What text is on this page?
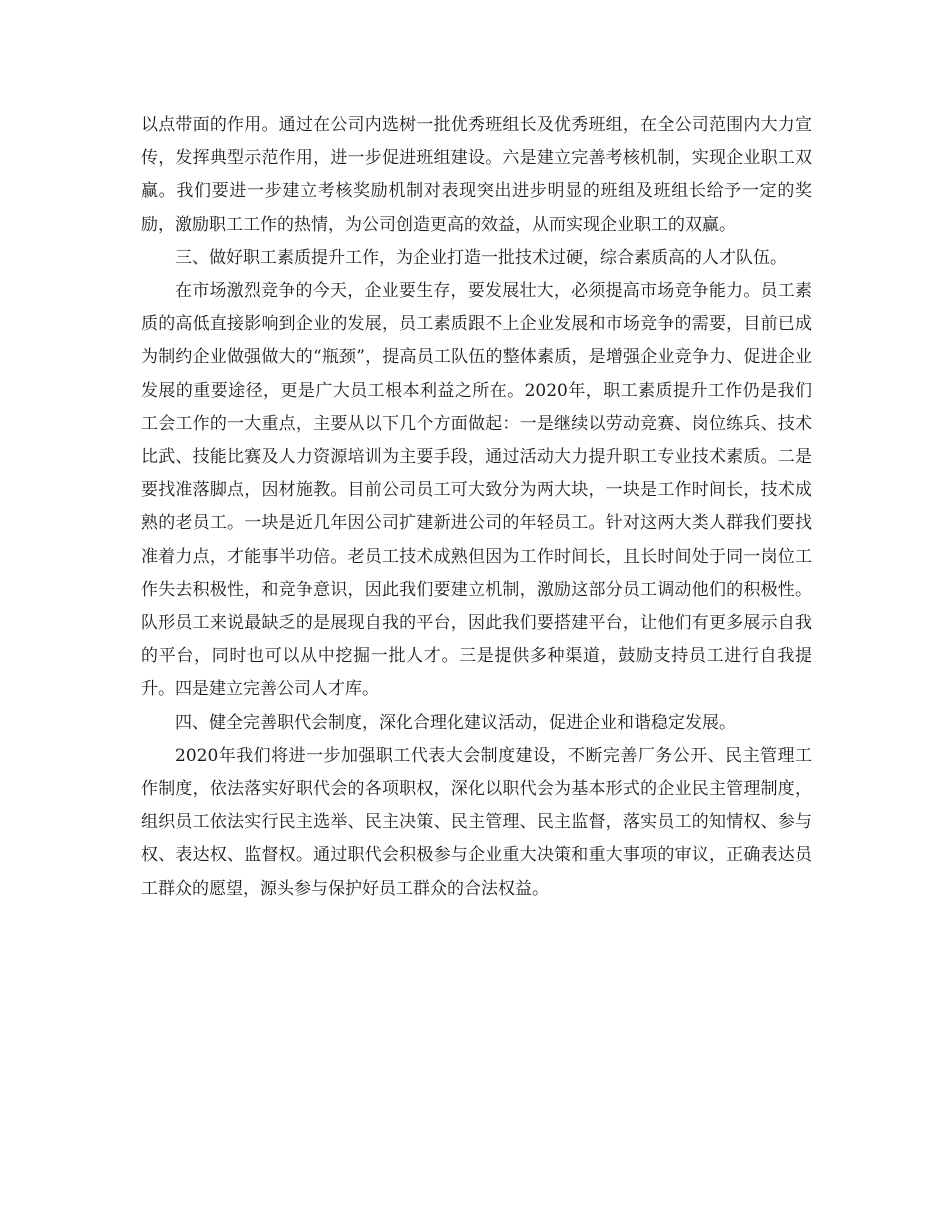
以点带面的作用。通过在公司内选树一批优秀班组长及优秀班组，在全公司范围内大力宣传，发挥典型示范作用，进一步促进班组建设。六是建立完善考核机制，实现企业职工双赢。我们要进一步建立考核奖励机制对表现突出进步明显的班组及班组长给予一定的奖励，激励职工工作的热情，为公司创造更高的效益，从而实现企业职工的双赢。

三、做好职工素质提升工作，为企业打造一批技术过硬，综合素质高的人才队伍。

在市场激烈竞争的今天，企业要生存，要发展壮大，必须提高市场竞争能力。员工素质的高低直接影响到企业的发展，员工素质跟不上企业发展和市场竞争的需要，目前已成为制约企业做强做大的“瓶颈”，提高员工队伍的整体素质，是增强企业竞争力、促进企业发展的重要途径，更是广大员工根本利益之所在。2020年，职工素质提升工作仍是我们工会工作的一大重点，主要从以下几个方面做起：一是继续以劳动竞赛、岗位练兵、技术比武、技能比赛及人力资源培训为主要手段，通过活动大力提升职工专业技术素质。二是要找准落脚点，因材施教。目前公司员工可大致分为两大块，一块是工作时间长，技术成熟的老员工。一块是近几年因公司扩建新进公司的年轻员工。针对这两大类人群我们要找准着力点，才能事半功倍。老员工技术成熟但因为工作时间长，且长时间处于同一岗位工作失去积极性，和竞争意识，因此我们要建立机制，激励这部分员工调动他们的积极性。队形员工来说最缺乏的是展现自我的平台，因此我们要搭建平台，让他们有更多展示自我的平台，同时也可以从中挖掘一批人才。三是提供多种渠道，鼓励支持员工进行自我提升。四是建立完善公司人才库。

四、健全完善职代会制度，深化合理化建议活动，促进企业和谐稳定发展。

2020年我们将进一步加强职工代表大会制度建设，不断完善厂务公开、民主管理工作制度，依法落实好职代会的各项职权，深化以职代会为基本形式的企业民主管理制度，组织员工依法实行民主选举、民主决策、民主管理、民主监督，落实员工的知情权、参与权、表达权、监督权。通过职代会积极参与企业重大决策和重大事项的审议，正确表达员工群众的愿望，源头参与保护好员工群众的合法权益。
